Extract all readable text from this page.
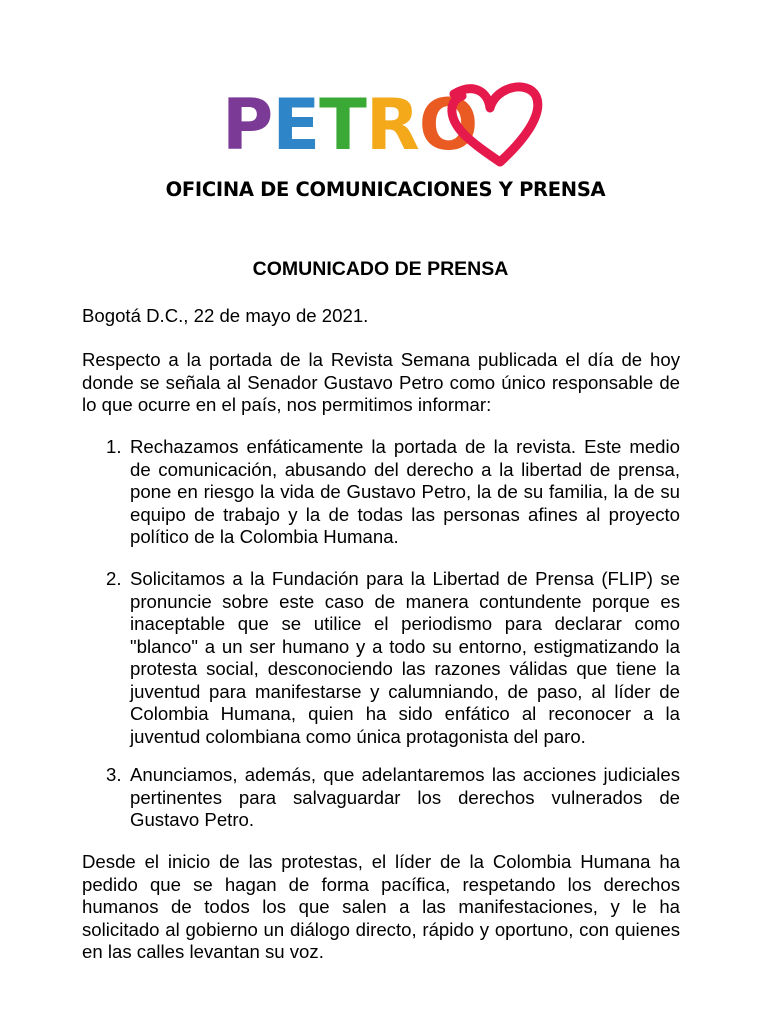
P E T R O
OFICINA DE COMUNICACIONES Y PRENSA
COMUNICADO DE PRENSA
Bogotá D.C., 22 de mayo de 2021.

Respecto a la portada de la Revista Semana publicada el día de hoy donde se señala al Senador Gustavo Petro como único responsable de lo que ocurre en el país, nos permitimos informar:

1. Rechazamos enfáticamente la portada de la revista. Este medio de comunicación, abusando del derecho a la libertad de prensa, pone en riesgo la vida de Gustavo Petro, la de su familia, la de su equipo de trabajo y la de todas las personas afines al proyecto político de la Colombia Humana.
2. Solicitamos a la Fundación para la Libertad de Prensa (FLIP) se pronuncie sobre este caso de manera contundente porque es inaceptable que se utilice el periodismo para declarar como "blanco" a un ser humano y a todo su entorno, estigmatizando la protesta social, desconociendo las razones válidas que tiene la juventud para manifestarse y calumniando, de paso, al líder de Colombia Humana, quien ha sido enfático al reconocer a la juventud colombiana como única protagonista del paro.
3. Anunciamos, además, que adelantaremos las acciones judiciales pertinentes para salvaguardar los derechos vulnerados de Gustavo Petro.

Desde el inicio de las protestas, el líder de la Colombia Humana ha pedido que se hagan de forma pacífica, respetando los derechos humanos de todos los que salen a las manifestaciones, y le ha solicitado al gobierno un diálogo directo, rápido y oportuno, con quienes en las calles levantan su voz.
